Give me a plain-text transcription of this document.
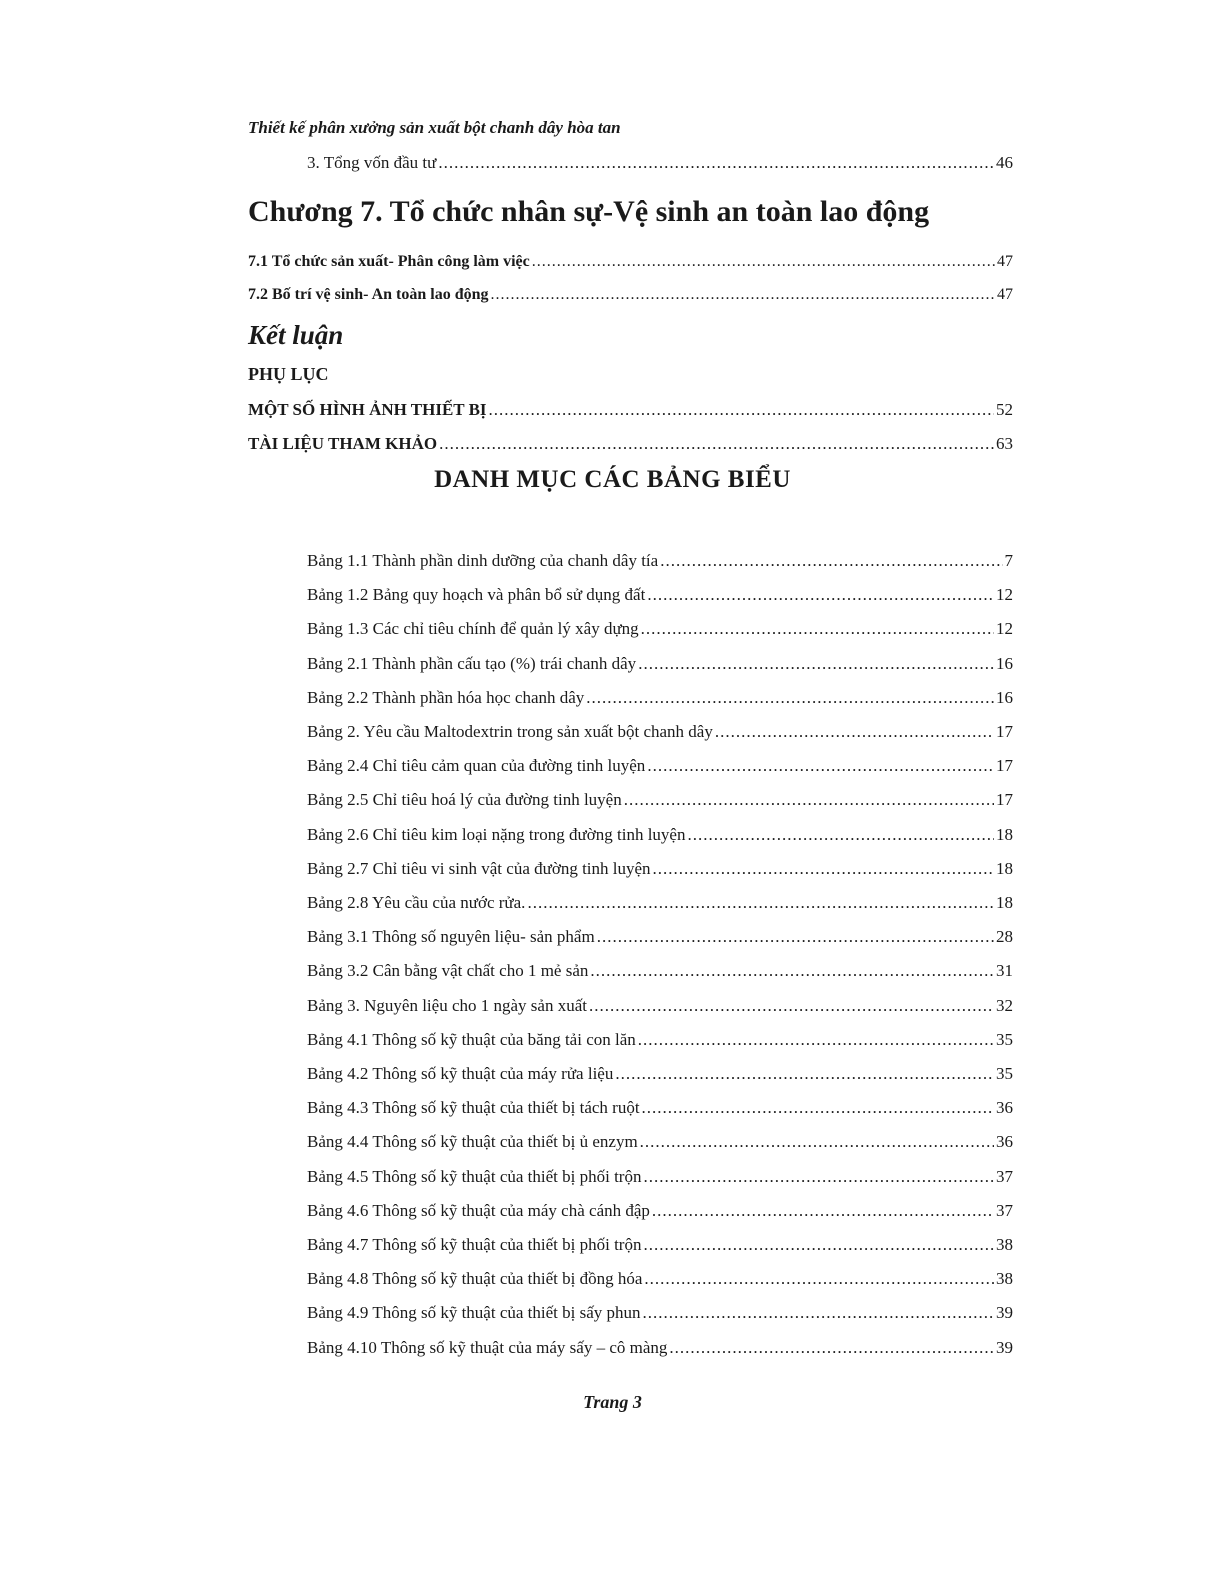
Thiết kế phân xưởng sản xuất bột chanh dây hòa tan
3. Tổng vốn đầu tư .....	46
Chương 7. Tổ chức nhân sự-Vệ sinh an toàn lao động
7.1 Tổ chức sản xuất- Phân công làm việc .....	47
7.2 Bố trí vệ sinh- An toàn lao động .....	47
Kết luận
PHỤ LỤC
MỘT SỐ HÌNH ẢNH THIẾT BỊ .....	52
TÀI LIỆU THAM KHẢO .....	63
DANH MỤC CÁC BẢNG BIỂU
Bảng 1.1 Thành phần dinh dưỡng của chanh dây tía .....	7
Bảng 1.2 Bảng quy hoạch và phân bổ sử dụng đất .....	12
Bảng 1.3 Các chỉ tiêu chính để quản lý xây dựng .....	12
Bảng 2.1 Thành phần cấu tạo (%) trái chanh dây .....	16
Bảng 2.2 Thành phần hóa học chanh dây .....	16
Bảng 2. Yêu cầu Maltodextrin trong sản xuất bột chanh dây .....	17
Bảng 2.4 Chỉ tiêu cảm quan của đường tinh luyện .....	17
Bảng 2.5 Chỉ tiêu hoá lý của đường tinh luyện .....	17
Bảng 2.6 Chỉ tiêu kim loại nặng trong đường tinh luyện .....	18
Bảng 2.7 Chỉ tiêu vi sinh vật của đường tinh luyện .....	18
Bảng 2.8 Yêu cầu của nước rửa. .....	18
Bảng 3.1 Thông số nguyên liệu- sản phẩm .....	28
Bảng 3.2 Cân bằng vật chất cho 1 mẻ sản .....	31
Bảng 3. Nguyên liệu cho 1 ngày sản xuất .....	32
Bảng 4.1 Thông số kỹ thuật của băng tải con lăn .....	35
Bảng 4.2 Thông số kỹ thuật của máy rửa liệu .....	35
Bảng 4.3 Thông số kỹ thuật của thiết bị tách ruột .....	36
Bảng 4.4 Thông số kỹ thuật của thiết bị ủ enzym .....	36
Bảng 4.5 Thông số kỹ thuật của thiết bị phối trộn .....	37
Bảng 4.6 Thông số kỹ thuật của máy chà cánh đập .....	37
Bảng 4.7 Thông số kỹ thuật của thiết bị phối trộn .....	38
Bảng 4.8 Thông số kỹ thuật của thiết bị đồng hóa .....	38
Bảng 4.9 Thông số kỹ thuật của thiết bị sấy phun .....	39
Bảng 4.10 Thông số kỹ thuật của máy sấy – cô màng .....	39
Trang 3
